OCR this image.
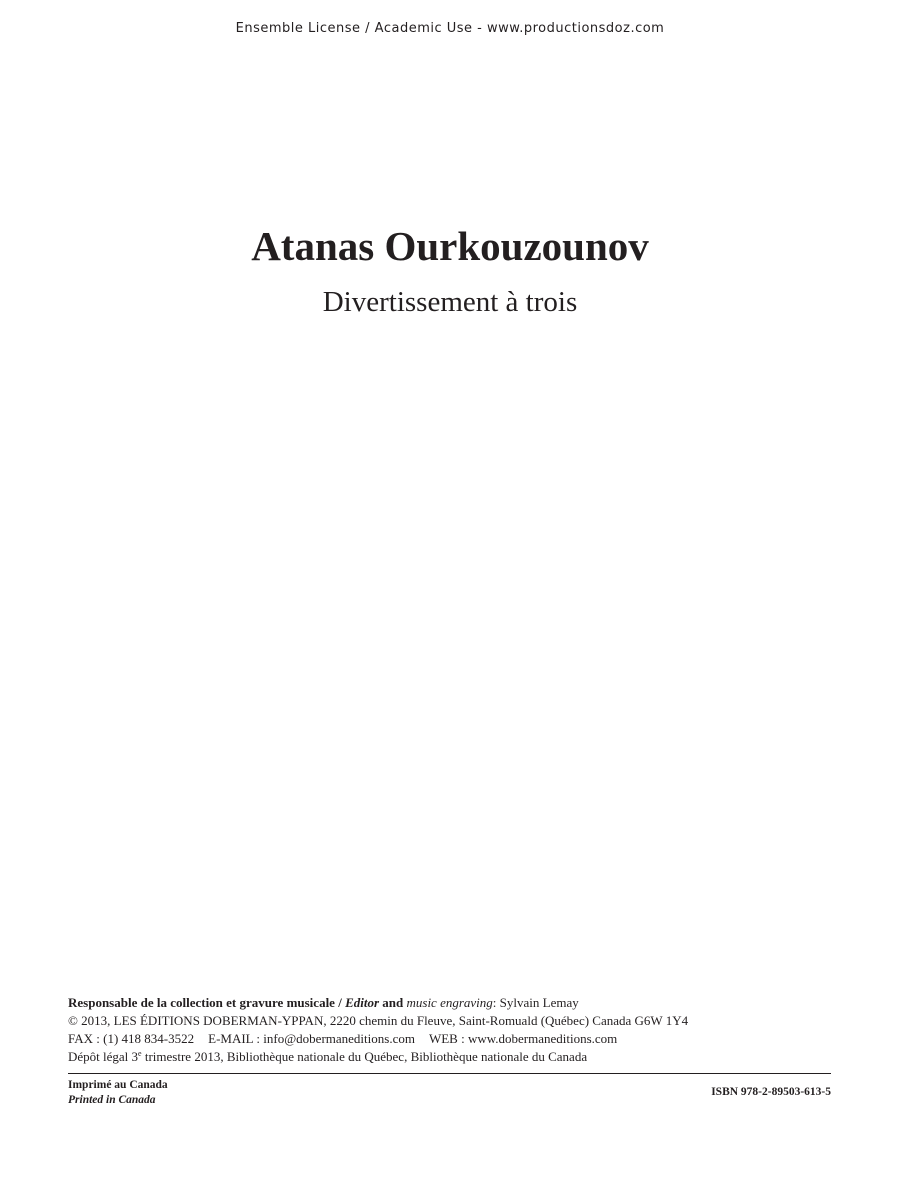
Ensemble License / Academic Use - www.productionsdoz.com
Atanas Ourkouzounov
Divertissement à trois
Responsable de la collection et gravure musicale / Editor and music engraving: Sylvain Lemay
© 2013, LES ÉDITIONS DOBERMAN-YPPAN, 2220 chemin du Fleuve, Saint-Romuald (Québec) Canada G6W 1Y4
FAX : (1) 418 834-3522 E-MAIL : info@dobermaneditions.com WEB : www.dobermaneditions.com
Dépôt légal 3e trimestre 2013, Bibliothèque nationale du Québec, Bibliothèque nationale du Canada
Imprimé au Canada
Printed in Canada
ISBN 978-2-89503-613-5
